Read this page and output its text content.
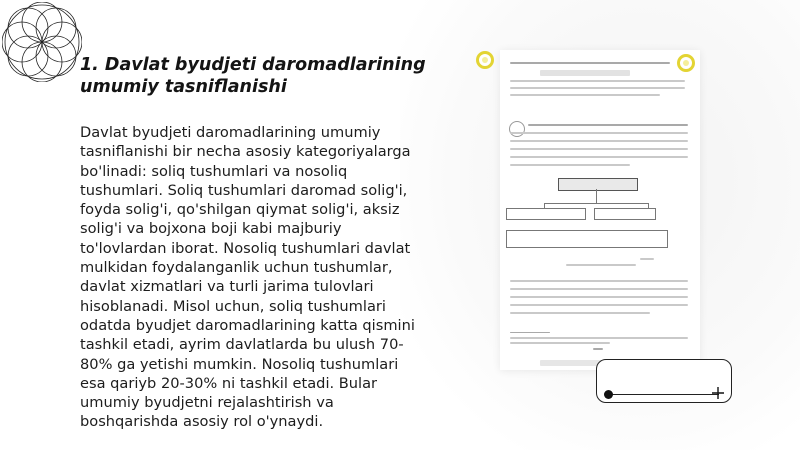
1. Davlat byudjeti daromadlarining umumiy tasniflanishi

Davlat byudjeti daromadlarining umumiy tasniflanishi bir necha asosiy kategoriyalarga bo'linadi: soliq tushumlari va nosoliq tushumlari. Soliq tushumlari daromad solig'i, foyda solig'i, qo'shilgan qiymat solig'i, aksiz solig'i va bojxona boji kabi majburiy to'lovlardan iborat. Nosoliq tushumlari davlat mulkidan foydalanganlik uchun tushumlar, davlat xizmatlari va turli jarima tulovlari hisoblanadi. Misol uchun, soliq tushumlari odatda byudjet daromadlarining katta qismini tashkil etadi, ayrim davlatlarda bu ulush 70-80% ga yetishi mumkin. Nosoliq tushumlari esa qariyb 20-30% ni tashkil etadi. Bular umumiy byudjetni rejalashtirish va boshqarishda asosiy rol o'ynaydi.
